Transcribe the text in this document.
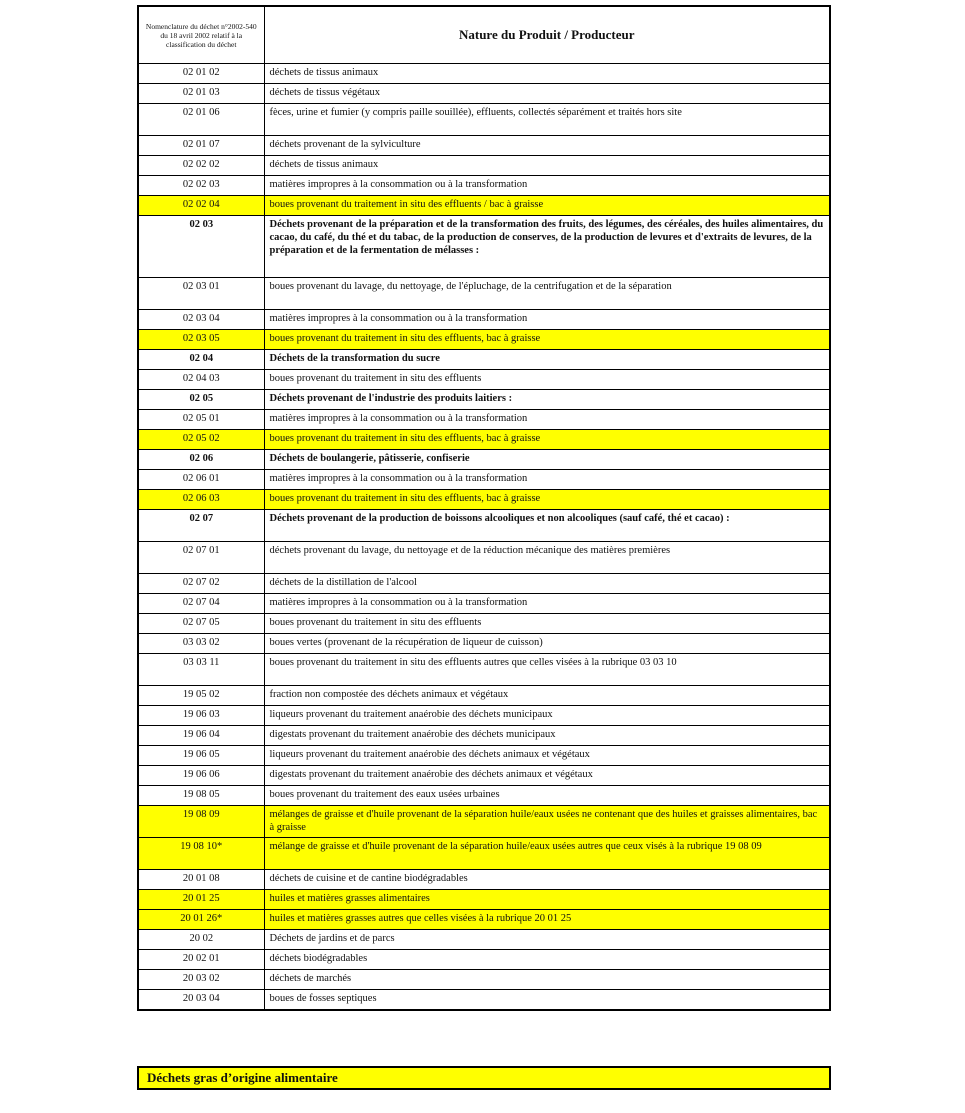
Nomenclature du déchet n°2002-540 du 18 avril 2002 relatif à la classification du déchet	Nature du Produit / Producteur
02 01 02	déchets de tissus animaux
02 01 03	déchets de tissus végétaux
02 01 06	fèces, urine et fumier (y compris paille souillée), effluents, collectés séparément et traités hors site
02 01 07	déchets provenant de la sylviculture
02 02 02	déchets de tissus animaux
02 02 03	matières impropres à la consommation ou à la transformation
02 02 04	boues provenant du traitement in situ des effluents / bac à graisse
02 03	Déchets provenant de la préparation et de la transformation des fruits, des légumes, des céréales, des huiles alimentaires, du cacao, du café, du thé et du tabac, de la production de conserves, de la production de levures et d'extraits de levures, de la préparation et de la fermentation de mélasses :
02 03 01	boues provenant du lavage, du nettoyage, de l'épluchage, de la centrifugation et de la séparation
02 03 04	matières impropres à la consommation ou à la transformation
02 03 05	boues provenant du traitement in situ des effluents, bac à graisse
02 04	Déchets de la transformation du sucre
02 04 03	boues provenant du traitement in situ des effluents
02 05	Déchets provenant de l'industrie des produits laitiers :
02 05 01	matières impropres à la consommation ou à la transformation
02 05 02	boues provenant du traitement in situ des effluents, bac à graisse
02 06	Déchets de boulangerie, pâtisserie, confiserie
02 06 01	matières impropres à la consommation ou à la transformation
02 06 03	boues provenant du traitement in situ des effluents, bac à graisse
02 07	Déchets provenant de la production de boissons alcooliques et non alcooliques (sauf café, thé et cacao) :
02 07 01	déchets provenant du lavage, du nettoyage et de la réduction mécanique des matières premières
02 07 02	déchets de la distillation de l'alcool
02 07 04	matières impropres à la consommation ou à la transformation
02 07 05	boues provenant du traitement in situ des effluents
03 03 02	boues vertes (provenant de la récupération de liqueur de cuisson)
03 03 11	boues provenant du traitement in situ des effluents autres que celles visées à la rubrique 03 03 10
19 05 02	fraction non compostée des déchets animaux et végétaux
19 06 03	liqueurs provenant du traitement anaérobie des déchets municipaux
19 06 04	digestats provenant du traitement anaérobie des déchets municipaux
19 06 05	liqueurs provenant du traitement anaérobie des déchets animaux et végétaux
19 06 06	digestats provenant du traitement anaérobie des déchets animaux et végétaux
19 08 05	boues provenant du traitement des eaux usées urbaines
19 08 09	mélanges de graisse et d'huile provenant de la séparation huile/eaux usées ne contenant que des huiles et graisses alimentaires, bac à graisse
19 08 10*	mélange de graisse et d'huile provenant de la séparation huile/eaux usées autres que ceux visés à la rubrique 19 08 09
20 01 08	déchets de cuisine et de cantine biodégradables
20 01 25	huiles et matières grasses alimentaires
20 01 26*	huiles et matières grasses autres que celles visées à la rubrique 20 01 25
20 02	Déchets de jardins et de parcs
20 02 01	déchets biodégradables
20 03 02	déchets de marchés
20 03 04	boues de fosses septiques
Déchets gras d’origine alimentaire
